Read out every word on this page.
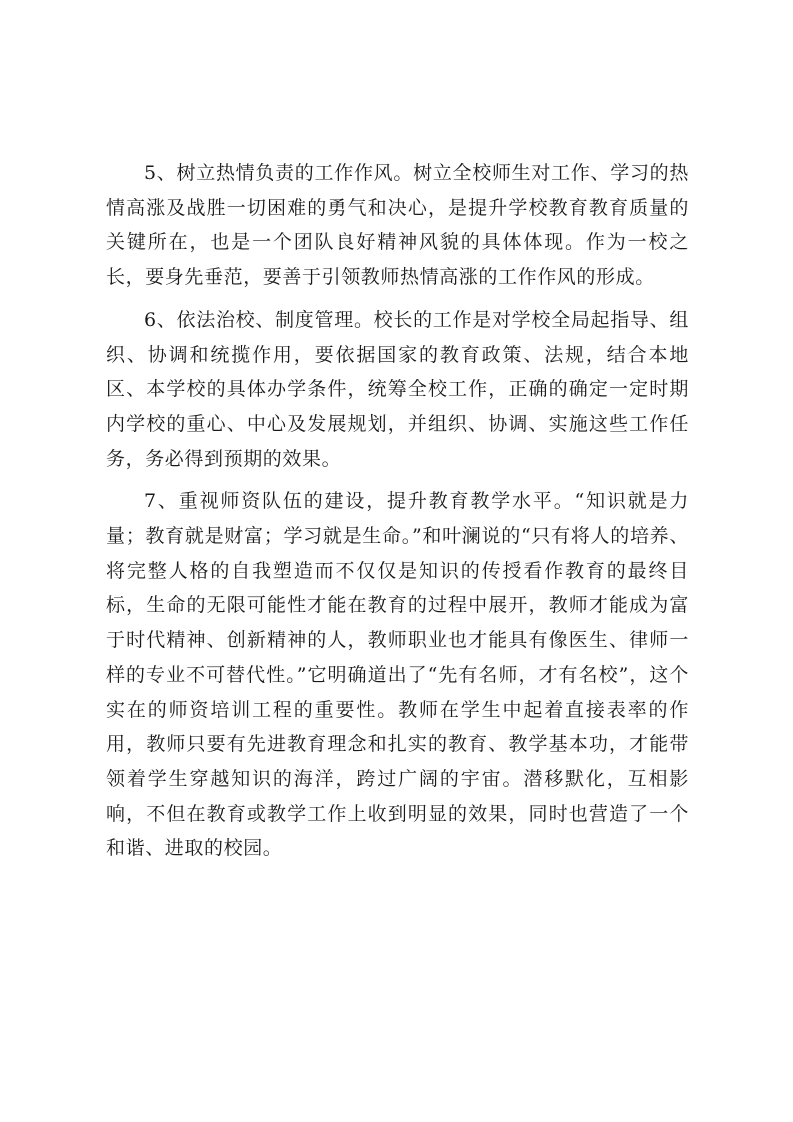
5、树立热情负责的工作作风。树立全校师生对工作、学习的热情高涨及战胜一切困难的勇气和决心，是提升学校教育教育质量的关键所在，也是一个团队良好精神风貌的具体体现。作为一校之长，要身先垂范，要善于引领教师热情高涨的工作作风的形成。

6、依法治校、制度管理。校长的工作是对学校全局起指导、组织、协调和统揽作用，要依据国家的教育政策、法规，结合本地区、本学校的具体办学条件，统筹全校工作，正确的确定一定时期内学校的重心、中心及发展规划，并组织、协调、实施这些工作任务，务必得到预期的效果。

7、重视师资队伍的建设，提升教育教学水平。“知识就是力量；教育就是财富；学习就是生命。”和叶澜说的“只有将人的培养、将完整人格的自我塑造而不仅仅是知识的传授看作教育的最终目标，生命的无限可能性才能在教育的过程中展开，教师才能成为富于时代精神、创新精神的人，教师职业也才能具有像医生、律师一样的专业不可替代性。”它明确道出了“先有名师，才有名校”，这个实在的师资培训工程的重要性。教师在学生中起着直接表率的作用，教师只要有先进教育理念和扎实的教育、教学基本功，才能带领着学生穿越知识的海洋，跨过广阔的宇宙。潜移默化，互相影响，不但在教育或教学工作上收到明显的效果，同时也营造了一个和谐、进取的校园。
